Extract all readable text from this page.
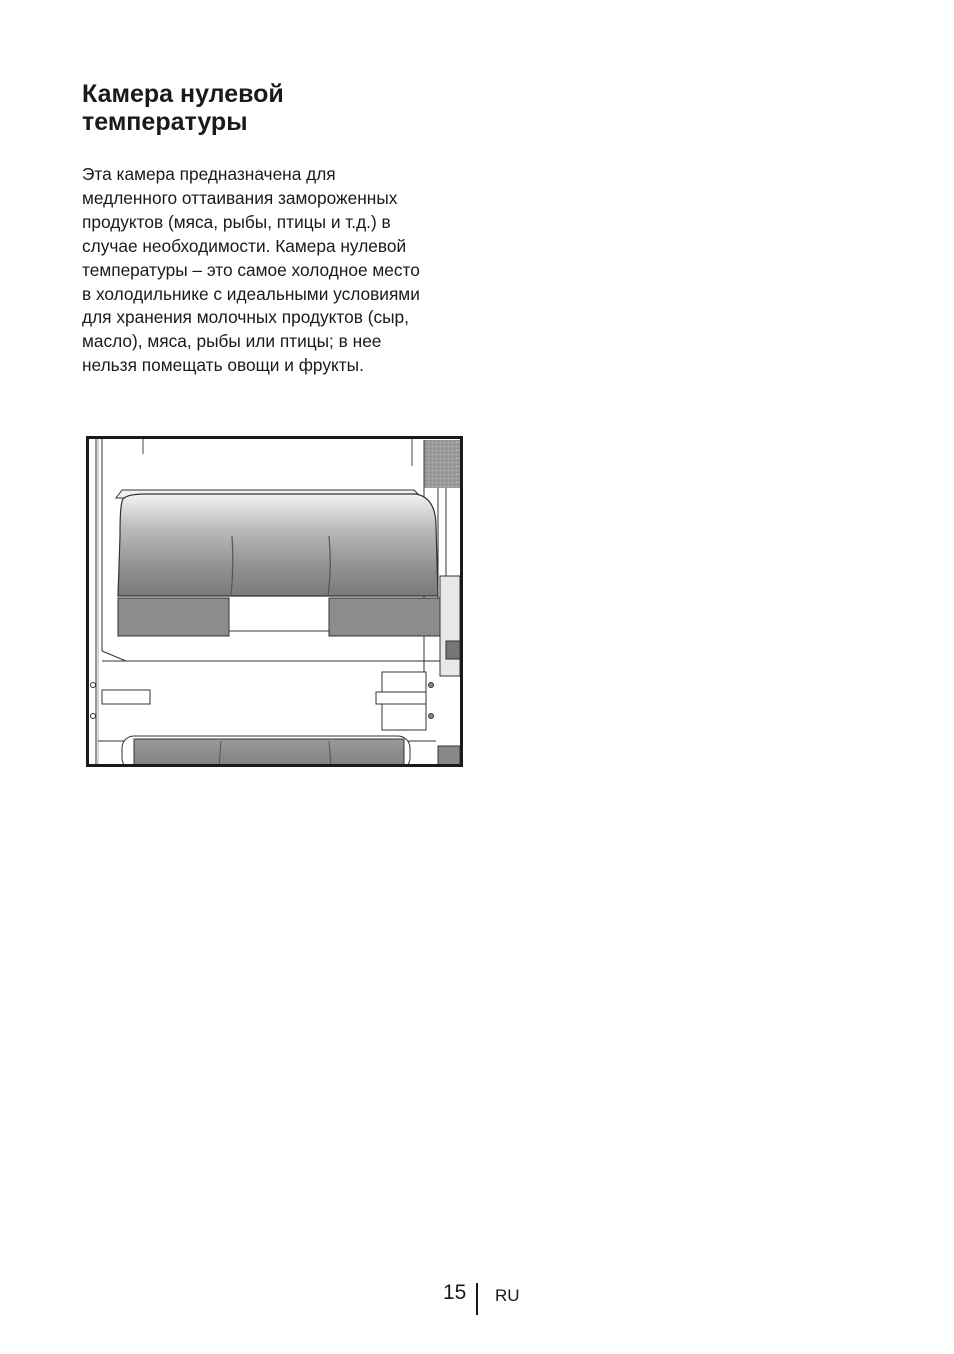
Камера нулевой
температуры
Эта камера предназначена для
медленного оттаивания замороженных
продуктов (мяса, рыбы, птицы и т.д.) в
случае необходимости. Камера нулевой
температуры – это самое холодное место
в холодильнике с идеальными условиями
для хранения молочных продуктов (сыр,
масло), мяса, рыбы или птицы; в нее
нельзя помещать овощи и фрукты.
15 RU
